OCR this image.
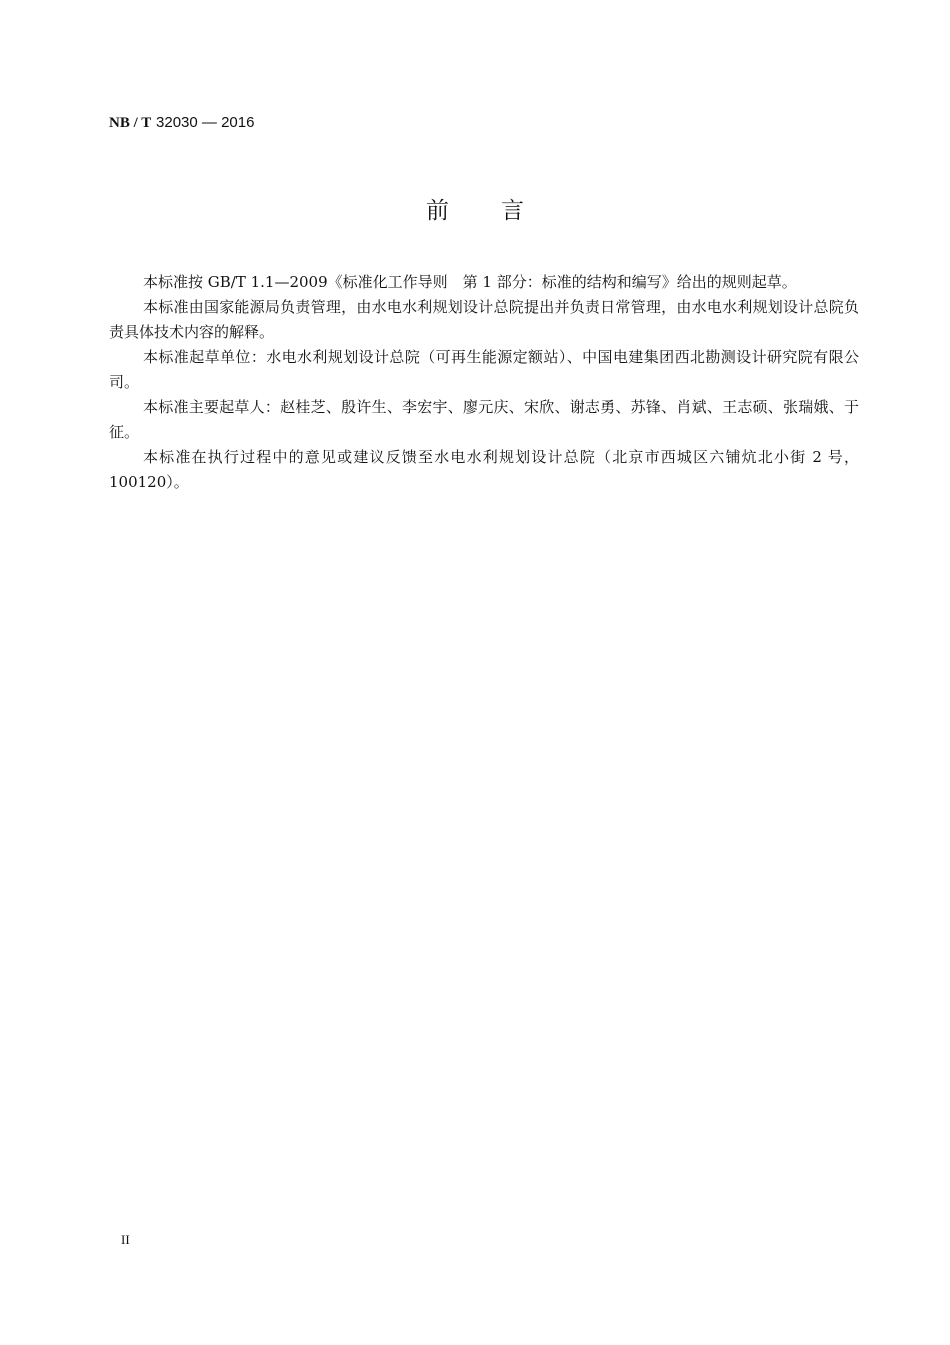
NB / T 32030 — 2016
前言

本标准按 GB/T 1.1—2009《标准化工作导则　第 1 部分：标准的结构和编写》给出的规则起草。

本标准由国家能源局负责管理，由水电水利规划设计总院提出并负责日常管理，由水电水利规划设计总院负责具体技术内容的解释。

本标准起草单位：水电水利规划设计总院（可再生能源定额站）、中国电建集团西北勘测设计研究院有限公司。

本标准主要起草人：赵桂芝、殷许生、李宏宇、廖元庆、宋欣、谢志勇、苏锋、肖斌、王志硕、张瑞娥、于征。

本标准在执行过程中的意见或建议反馈至水电水利规划设计总院（北京市西城区六铺炕北小街 2 号，100120）。

II
